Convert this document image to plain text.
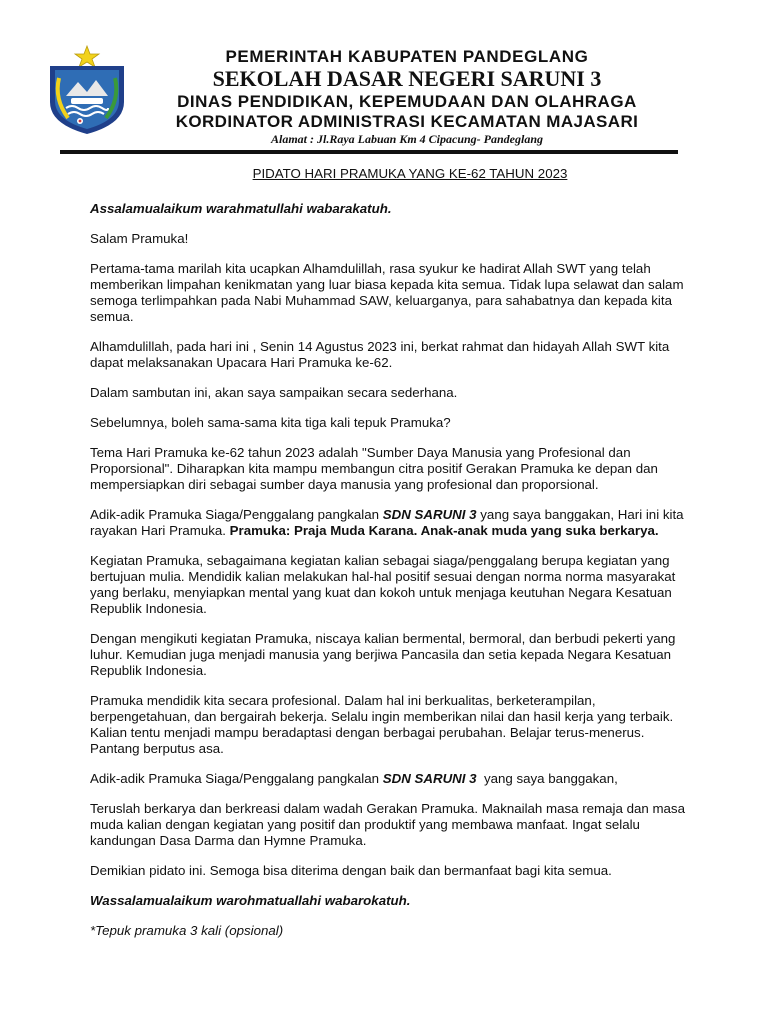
PEMERINTAH KABUPATEN PANDEGLANG
SEKOLAH DASAR NEGERI SARUNI 3
DINAS PENDIDIKAN, KEPEMUDAAN DAN OLAHRAGA
KORDINATOR ADMINISTRASI KECAMATAN MAJASARI
Alamat : Jl.Raya Labuan Km 4 Cipacung- Pandeglang
PIDATO HARI PRAMUKA YANG KE-62 TAHUN 2023

Assalamualaikum warahmatullahi wabarakatuh.

Salam Pramuka!

Pertama-tama marilah kita ucapkan Alhamdulillah, rasa syukur ke hadirat Allah SWT yang telah memberikan limpahan kenikmatan yang luar biasa kepada kita semua. Tidak lupa selawat dan salam semoga terlimpahkan pada Nabi Muhammad SAW, keluarganya, para sahabatnya dan kepada kita semua.

Alhamdulillah, pada hari ini , Senin 14 Agustus 2023 ini, berkat rahmat dan hidayah Allah SWT kita dapat melaksanakan Upacara Hari Pramuka ke-62.

Dalam sambutan ini, akan saya sampaikan secara sederhana.

Sebelumnya, boleh sama-sama kita tiga kali tepuk Pramuka?

Tema Hari Pramuka ke-62 tahun 2023 adalah "Sumber Daya Manusia yang Profesional dan Proporsional". Diharapkan kita mampu membangun citra positif Gerakan Pramuka ke depan dan mempersiapkan diri sebagai sumber daya manusia yang profesional dan proporsional.

Adik-adik Pramuka Siaga/Penggalang pangkalan SDN SARUNI 3 yang saya banggakan, Hari ini kita rayakan Hari Pramuka. Pramuka: Praja Muda Karana. Anak-anak muda yang suka berkarya.

Kegiatan Pramuka, sebagaimana kegiatan kalian sebagai siaga/penggalang berupa kegiatan yang bertujuan mulia. Mendidik kalian melakukan hal-hal positif sesuai dengan norma norma masyarakat yang berlaku, menyiapkan mental yang kuat dan kokoh untuk menjaga keutuhan Negara Kesatuan Republik Indonesia.

Dengan mengikuti kegiatan Pramuka, niscaya kalian bermental, bermoral, dan berbudi pekerti yang luhur. Kemudian juga menjadi manusia yang berjiwa Pancasila dan setia kepada Negara Kesatuan Republik Indonesia.

Pramuka mendidik kita secara profesional. Dalam hal ini berkualitas, berketerampilan, berpengetahuan, dan bergairah bekerja. Selalu ingin memberikan nilai dan hasil kerja yang terbaik. Kalian tentu menjadi mampu beradaptasi dengan berbagai perubahan. Belajar terus-menerus. Pantang berputus asa.

Adik-adik Pramuka Siaga/Penggalang pangkalan SDN SARUNI 3  yang saya banggakan,

Teruslah berkarya dan berkreasi dalam wadah Gerakan Pramuka. Maknailah masa remaja dan masa muda kalian dengan kegiatan yang positif dan produktif yang membawa manfaat. Ingat selalu kandungan Dasa Darma dan Hymne Pramuka.

Demikian pidato ini. Semoga bisa diterima dengan baik dan bermanfaat bagi kita semua.

Wassalamualaikum warohmatuallahi wabarokatuh.

*Tepuk pramuka 3 kali (opsional)
